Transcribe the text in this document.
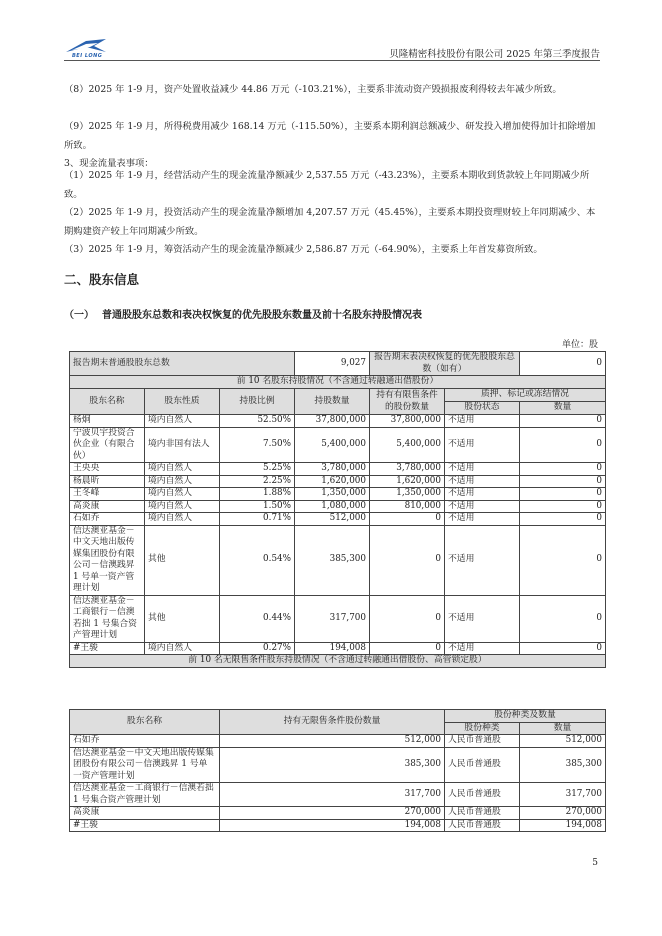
BEI LONG	贝隆精密科技股份有限公司 2025 年第三季度报告
（8）2025 年 1-9 月，资产处置收益减少 44.86 万元（-103.21%），主要系非流动资产毁损报废利得较去年减少所致。
（9）2025 年 1-9 月，所得税费用减少 168.14 万元（-115.50%），主要系本期利润总额减少、研发投入增加使得加计扣除增加所致。
3、现金流量表事项：
（1）2025 年 1-9 月，经营活动产生的现金流量净额减少 2,537.55 万元（-43.23%），主要系本期收到货款较上年同期减少所致。
（2）2025 年 1-9 月，投资活动产生的现金流量净额增加 4,207.57 万元（45.45%），主要系本期投资理财较上年同期减少、本期购建资产较上年同期减少所致。
（3）2025 年 1-9 月，筹资活动产生的现金流量净额减少 2,586.87 万元（-64.90%），主要系上年首发募资所致。
二、股东信息
（一） 普通股股东总数和表决权恢复的优先股股东数量及前十名股东持股情况表
单位：股
报告期末普通股股东总数			9,027	报告期末表决权恢复的优先股股东总数（如有）		0
前 10 名股东持股情况（不含通过转融通出借股份）						
股东名称	股东性质	持股比例	持股数量	持有有限售条件的股份数量	质押、标记或冻结情况	
					股份状态	数量
杨炯	境内自然人	52.50%	37,800,000	37,800,000	不适用	0
宁波贝宇投资合伙企业（有限合伙）	境内非国有法人	7.50%	5,400,000	5,400,000	不适用	0
王央央	境内自然人	5.25%	3,780,000	3,780,000	不适用	0
杨晨昕	境内自然人	2.25%	1,620,000	1,620,000	不适用	0
王冬峰	境内自然人	1.88%	1,350,000	1,350,000	不适用	0
高炎康	境内自然人	1.50%	1,080,000	810,000	不适用	0
石如乔	境内自然人	0.71%	512,000	0	不适用	0
信达澳亚基金－中文天地出版传媒集团股份有限公司－信澳践昇 1 号单一资产管理计划	其他	0.54%	385,300	0	不适用	0
信达澳亚基金－工商银行－信澳若拙 1 号集合资产管理计划	其他	0.44%	317,700	0	不适用	0
#王骏	境内自然人	0.27%	194,008	0	不适用	0
前 10 名无限售条件股东持股情况（不含通过转融通出借股份、高管锁定股）						
股东名称	持有无限售条件股份数量	股份种类及数量	
		股份种类	数量
石如乔	512,000	人民币普通股	512,000
信达澳亚基金－中文天地出版传媒集团股份有限公司－信澳践昇 1 号单一资产管理计划	385,300	人民币普通股	385,300
信达澳亚基金－工商银行－信澳若拙 1 号集合资产管理计划	317,700	人民币普通股	317,700
高炎康	270,000	人民币普通股	270,000
#王骏	194,008	人民币普通股	194,008
5
